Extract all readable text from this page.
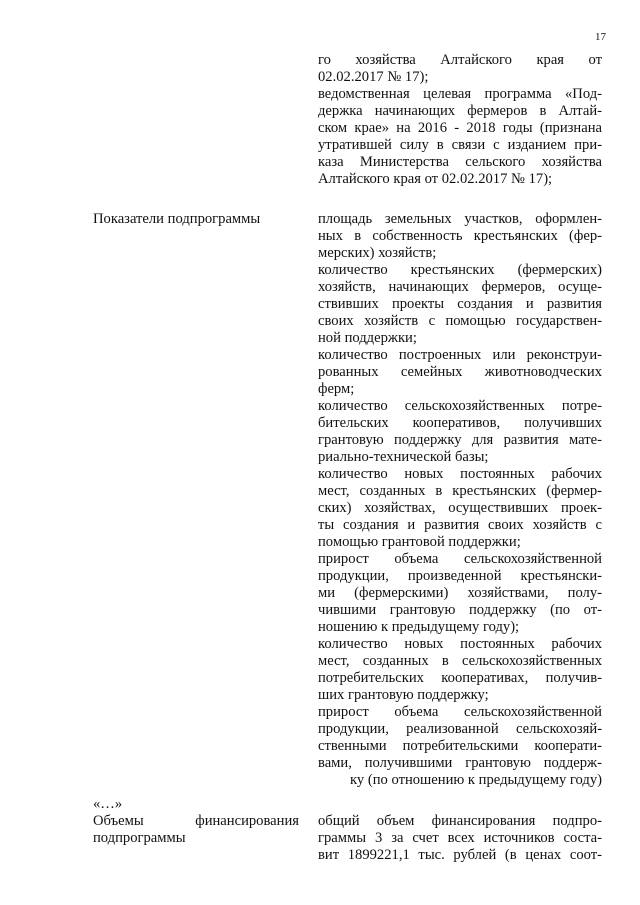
17
го хозяйства Алтайского края от
02.02.2017 № 17);
ведомственная целевая программа «Под-
держка начинающих фермеров в Алтай-
ском крае» на 2016 - 2018 годы (признана
утратившей силу в связи с изданием при-
каза Министерства сельского хозяйства
Алтайского края от 02.02.2017 № 17);
Показатели подпрограммы	площадь земельных участков, оформлен-
ных в собственность крестьянских (фер-
мерских) хозяйств;
количество крестьянских (фермерских)
хозяйств, начинающих фермеров, осуще-
ствивших проекты создания и развития
своих хозяйств с помощью государствен-
ной поддержки;
количество построенных или реконструи-
рованных семейных животноводческих
ферм;
количество сельскохозяйственных потре-
бительских кооперативов, получивших
грантовую поддержку для развития мате-
риально-технической базы;
количество новых постоянных рабочих
мест, созданных в крестьянских (фермер-
ских) хозяйствах, осуществивших проек-
ты создания и развития своих хозяйств с
помощью грантовой поддержки;
прирост объема сельскохозяйственной
продукции, произведенной крестьянски-
ми (фермерскими) хозяйствами, полу-
чившими грантовую поддержку (по от-
ношению к предыдущему году);
количество новых постоянных рабочих
мест, созданных в сельскохозяйственных
потребительских кооперативах, получив-
ших грантовую поддержку;
прирост объема сельскохозяйственной
продукции, реализованной сельскохозяй-
ственными потребительскими кооперати-
вами, получившими грантовую поддерж-
ку (по отношению к предыдущему году)
«…»
Объемы финансирования
подпрограммы
общий объем финансирования подпро-
граммы 3 за счет всех источников соста-
вит 1899221,1 тыс. рублей (в ценах соот-
